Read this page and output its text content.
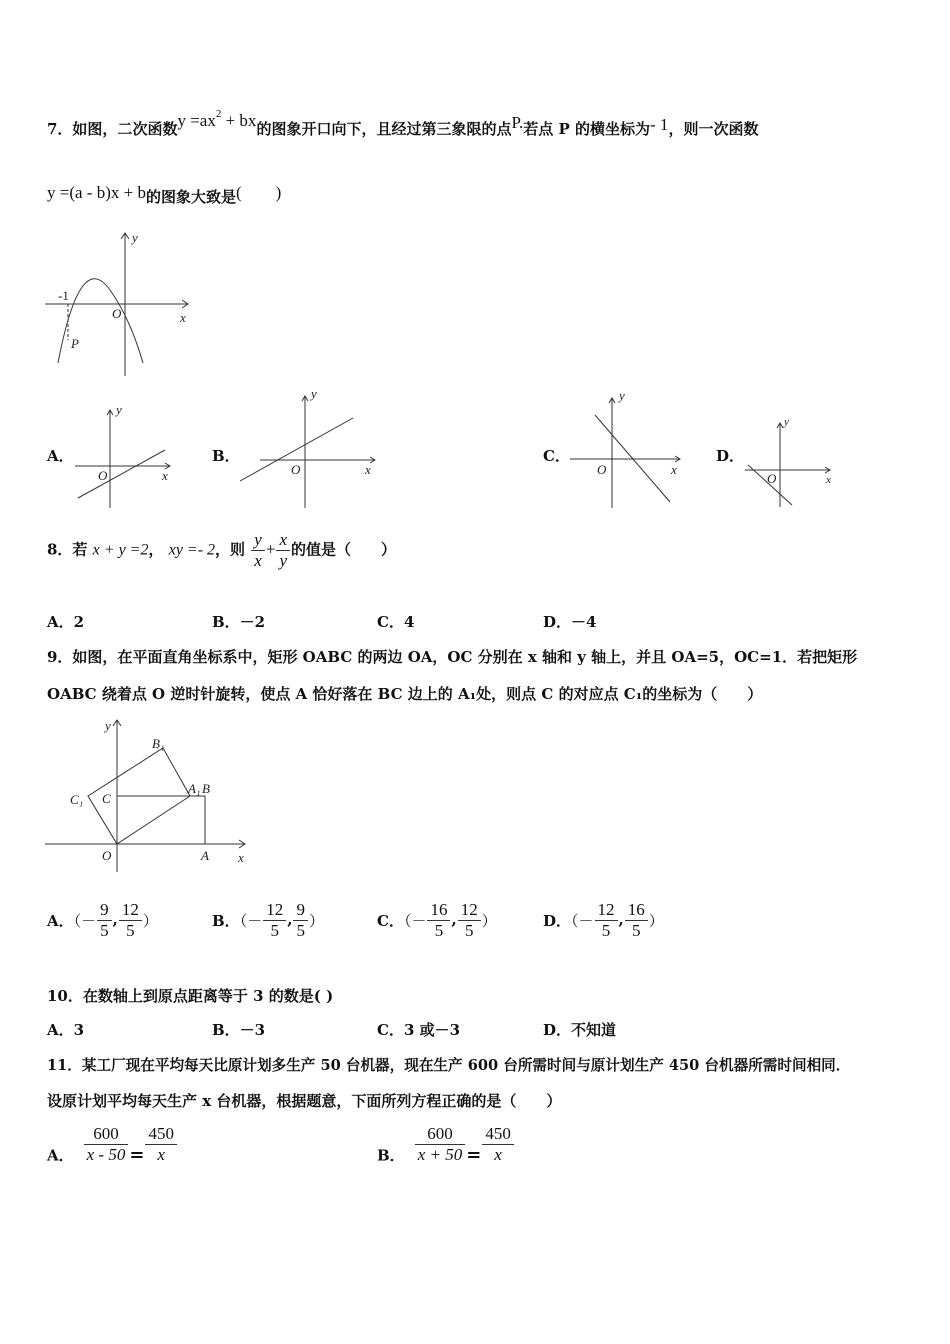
7．如图，二次函数$y =ax^2$ + bx的图象开口向下，且经过第三象限的点P.若点 P 的横坐标为- 1，则一次函数
y =(a - b)x + b的图象大致是(　　)
y
x
O
-1
P
A．
y
x
O
B．
y
x
O
C．
y
x
O
D．
y
x
O
8．若 x + y =2， xy =- 2，则 $\frac{y}{x} + \frac{x}{y}$ 的值是（　　）
A．2	B．－2	C．4	D．－4
9．如图，在平面直角坐标系中，矩形 OABC 的两边 OA，OC 分别在 x 轴和 y 轴上，并且 OA=5，OC=1．若把矩形
OABC 绕着点 O 逆时针旋转，使点 A 恰好落在 BC 边上的 A₁处，则点 C 的对应点 C₁的坐标为（　　）
y
x
O	A
B
C
A₁
B₁
C₁
A．（－ $\frac{9}{5}$ , $\frac{12}{5}$ ）	B．（－ $\frac{12}{5}$ , $\frac{9}{5}$ ）	C．（－ $\frac{16}{5}$ , $\frac{12}{5}$ ）	D．（－ $\frac{12}{5}$ , $\frac{16}{5}$ ）
10．在数轴上到原点距离等于 3 的数是( )
A．3	B．－3	C．3 或－3	D．不知道
11．某工厂现在平均每天比原计划多生产 50 台机器，现在生产 600 台所需时间与原计划生产 450 台机器所需时间相同．
设原计划平均每天生产 x 台机器，根据题意，下面所列方程正确的是（　　）
A． $\frac{600}{x - 50} = \frac{450}{x}$	B． $\frac{600}{x + 50} = \frac{450}{x}$
